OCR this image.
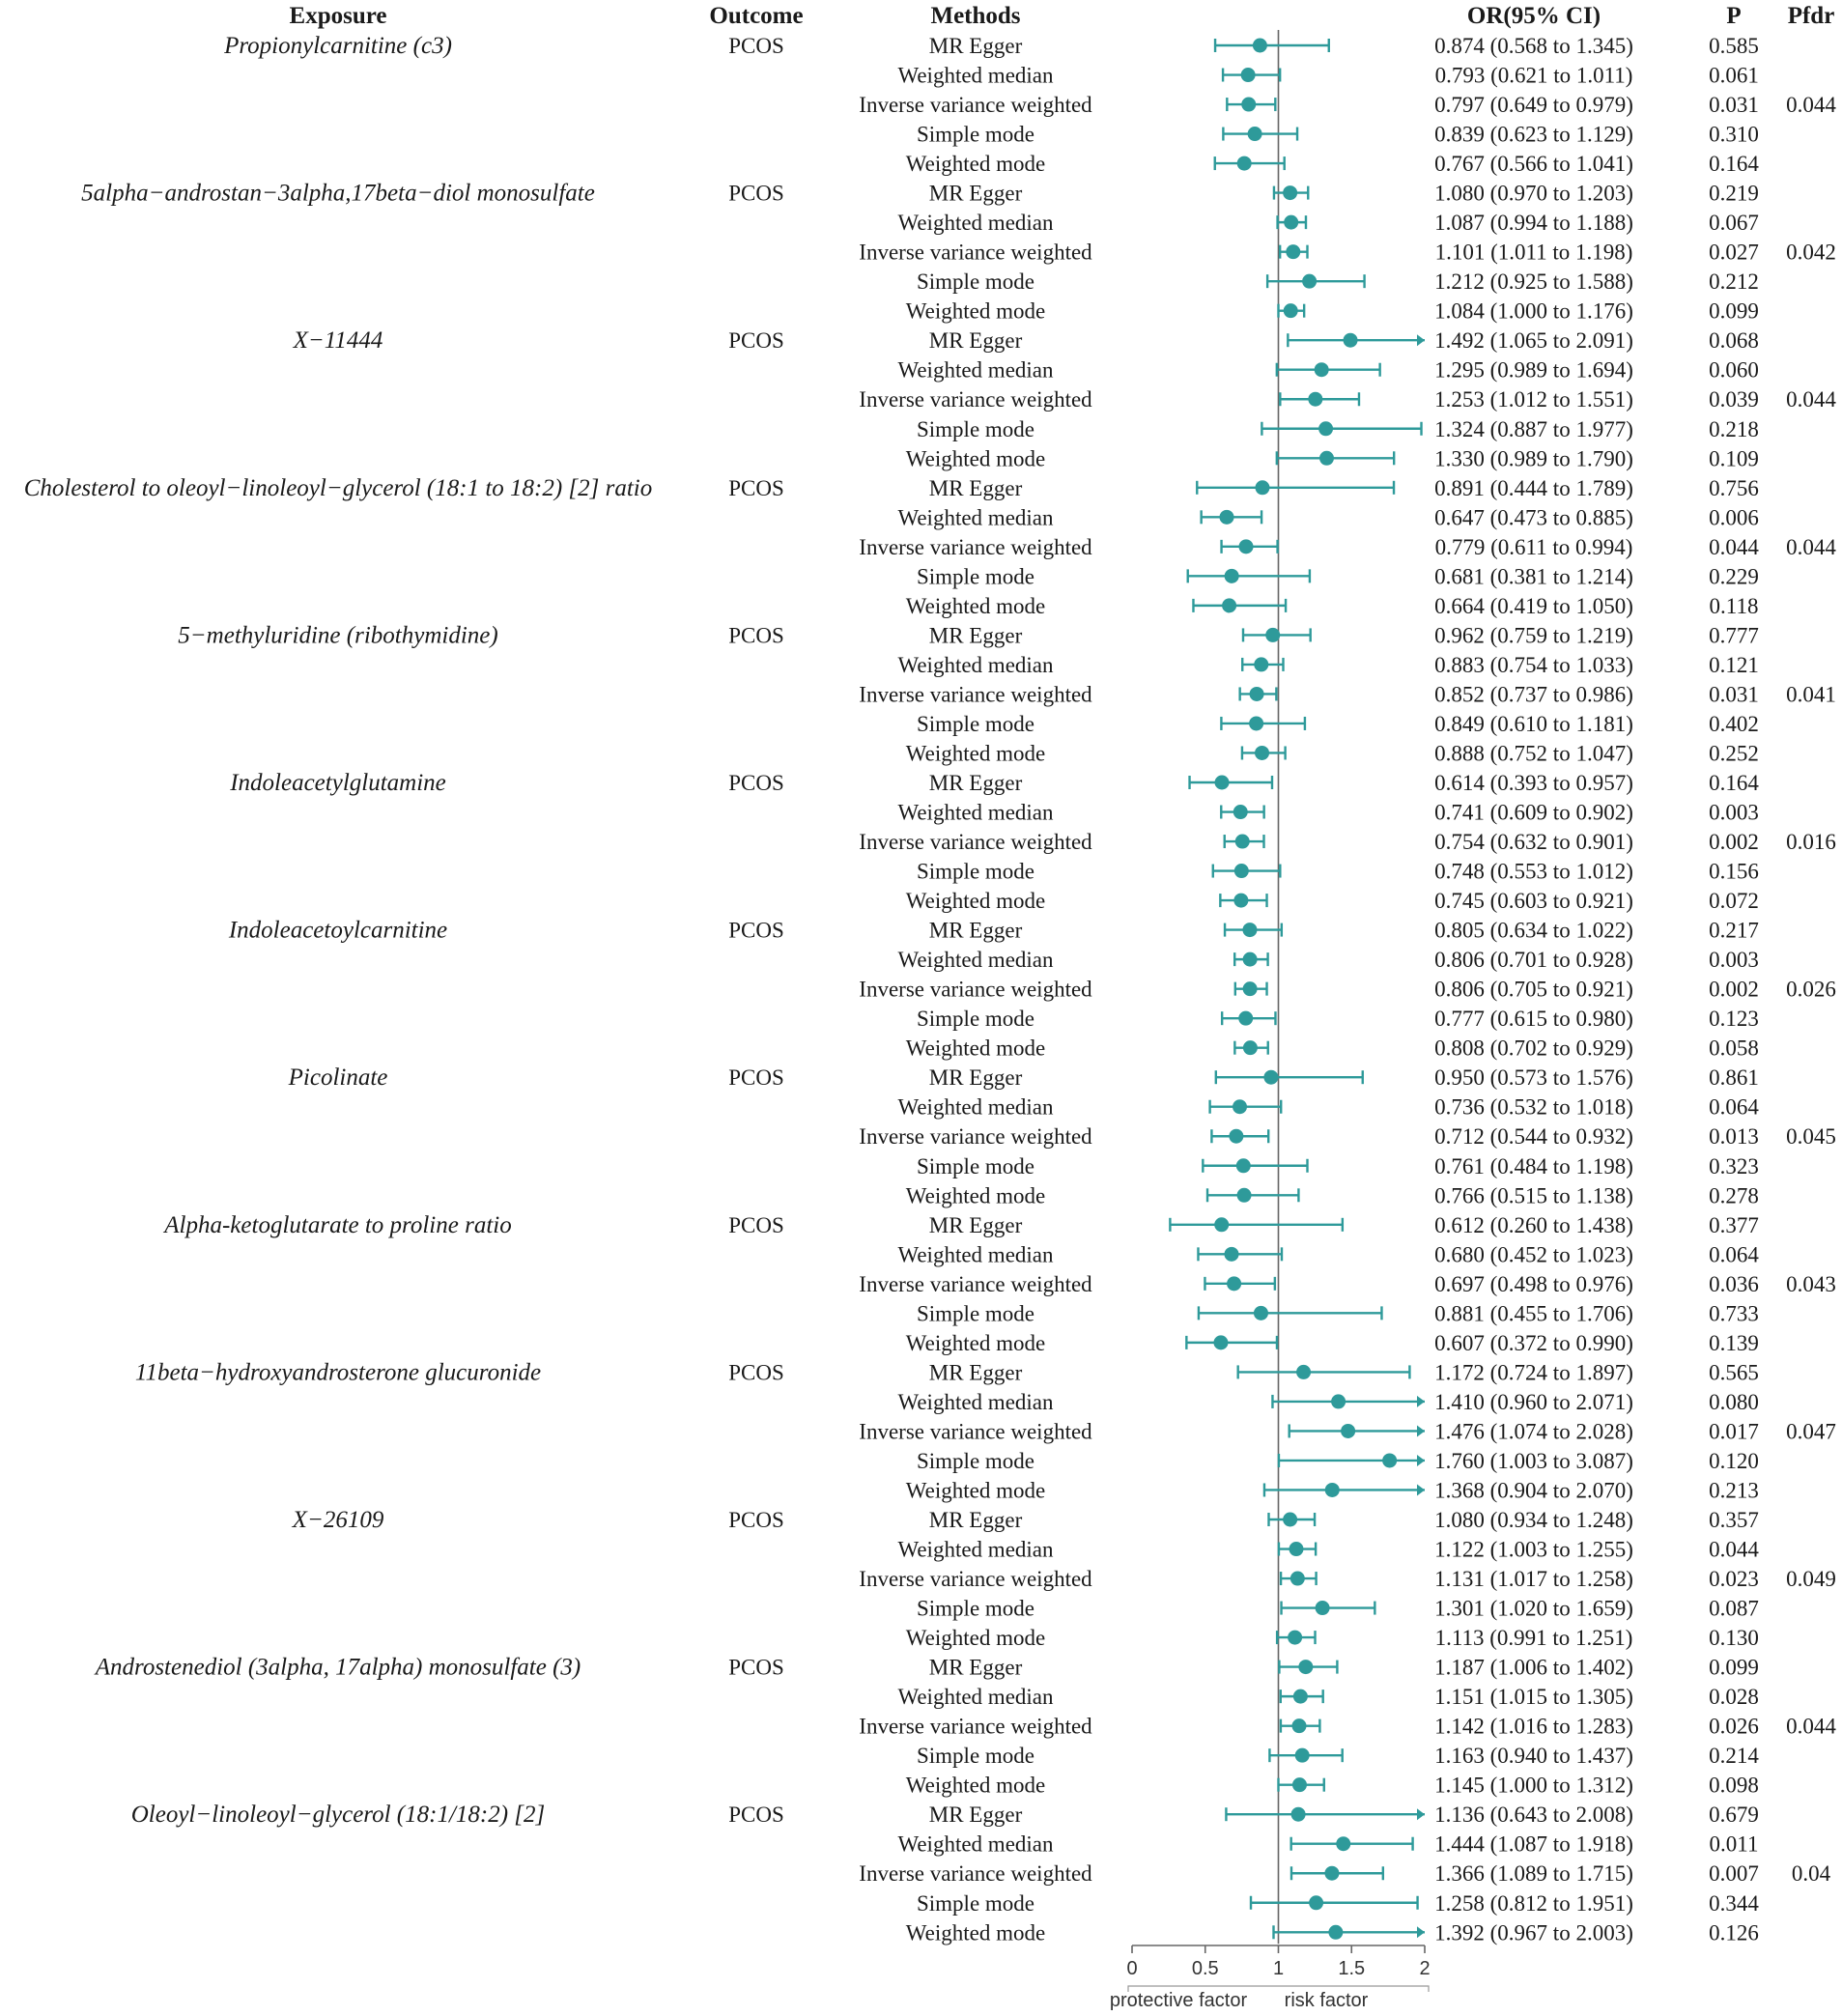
Exposure	Outcome	Methods	OR(95% CI)	P Pfdr
Propionylcarnitine (c3)	PCOS	MR Egger	0.874 (0.568 to 1.345)	0.585
Weighted median	0.793 (0.621 to 1.011)	0.061
Inverse variance weighted	0.797 (0.649 to 0.979)	0.031 0.044
Simple mode	0.839 (0.623 to 1.129)	0.310
Weighted mode	0.767 (0.566 to 1.041)	0.164
5alpha−androstan−3alpha,17beta−diol monosulfate	PCOS	MR Egger	1.080 (0.970 to 1.203)	0.219
Weighted median	1.087 (0.994 to 1.188)	0.067
Inverse variance weighted	1.101 (1.011 to 1.198)	0.027 0.042
Simple mode	1.212 (0.925 to 1.588)	0.212
Weighted mode	1.084 (1.000 to 1.176)	0.099
X−11444	PCOS	MR Egger	1.492 (1.065 to 2.091)	0.068
Weighted median	1.295 (0.989 to 1.694)	0.060
Inverse variance weighted	1.253 (1.012 to 1.551)	0.039 0.044
Simple mode	1.324 (0.887 to 1.977)	0.218
Weighted mode	1.330 (0.989 to 1.790)	0.109
Cholesterol to oleoyl−linoleoyl−glycerol (18:1 to 18:2) [2] ratio	PCOS	MR Egger	0.891 (0.444 to 1.789)	0.756
Weighted median	0.647 (0.473 to 0.885)	0.006
Inverse variance weighted	0.779 (0.611 to 0.994)	0.044 0.044
Simple mode	0.681 (0.381 to 1.214)	0.229
Weighted mode	0.664 (0.419 to 1.050)	0.118
5−methyluridine (ribothymidine)	PCOS	MR Egger	0.962 (0.759 to 1.219)	0.777
Weighted median	0.883 (0.754 to 1.033)	0.121
Inverse variance weighted	0.852 (0.737 to 0.986)	0.031 0.041
Simple mode	0.849 (0.610 to 1.181)	0.402
Weighted mode	0.888 (0.752 to 1.047)	0.252
Indoleacetylglutamine	PCOS	MR Egger	0.614 (0.393 to 0.957)	0.164
Weighted median	0.741 (0.609 to 0.902)	0.003
Inverse variance weighted	0.754 (0.632 to 0.901)	0.002 0.016
Simple mode	0.748 (0.553 to 1.012)	0.156
Weighted mode	0.745 (0.603 to 0.921)	0.072
Indoleacetoylcarnitine	PCOS	MR Egger	0.805 (0.634 to 1.022)	0.217
Weighted median	0.806 (0.701 to 0.928)	0.003
Inverse variance weighted	0.806 (0.705 to 0.921)	0.002 0.026
Simple mode	0.777 (0.615 to 0.980)	0.123
Weighted mode	0.808 (0.702 to 0.929)	0.058
Picolinate	PCOS	MR Egger	0.950 (0.573 to 1.576)	0.861
Weighted median	0.736 (0.532 to 1.018)	0.064
Inverse variance weighted	0.712 (0.544 to 0.932)	0.013 0.045
Simple mode	0.761 (0.484 to 1.198)	0.323
Weighted mode	0.766 (0.515 to 1.138)	0.278
Alpha-ketoglutarate to proline ratio	PCOS	MR Egger	0.612 (0.260 to 1.438)	0.377
Weighted median	0.680 (0.452 to 1.023)	0.064
Inverse variance weighted	0.697 (0.498 to 0.976)	0.036 0.043
Simple mode	0.881 (0.455 to 1.706)	0.733
Weighted mode	0.607 (0.372 to 0.990)	0.139
11beta−hydroxyandrosterone glucuronide	PCOS	MR Egger	1.172 (0.724 to 1.897)	0.565
Weighted median	1.410 (0.960 to 2.071)	0.080
Inverse variance weighted	1.476 (1.074 to 2.028)	0.017 0.047
Simple mode	1.760 (1.003 to 3.087)	0.120
Weighted mode	1.368 (0.904 to 2.070)	0.213
X−26109	PCOS	MR Egger	1.080 (0.934 to 1.248)	0.357
Weighted median	1.122 (1.003 to 1.255)	0.044
Inverse variance weighted	1.131 (1.017 to 1.258)	0.023 0.049
Simple mode	1.301 (1.020 to 1.659)	0.087
Weighted mode	1.113 (0.991 to 1.251)	0.130
Androstenediol (3alpha, 17alpha) monosulfate (3)	PCOS	MR Egger	1.187 (1.006 to 1.402)	0.099
Weighted median	1.151 (1.015 to 1.305)	0.028
Inverse variance weighted	1.142 (1.016 to 1.283)	0.026 0.044
Simple mode	1.163 (0.940 to 1.437)	0.214
Weighted mode	1.145 (1.000 to 1.312)	0.098
Oleoyl−linoleoyl−glycerol (18:1/18:2) [2]	PCOS	MR Egger	1.136 (0.643 to 2.008)	0.679
Weighted median	1.444 (1.087 to 1.918)	0.011
Inverse variance weighted	1.366 (1.089 to 1.715)	0.007 0.04
Simple mode	1.258 (0.812 to 1.951)	0.344
Weighted mode	1.392 (0.967 to 2.003)	0.126
protective factor risk factor
0	0.5	1	1.5	2
